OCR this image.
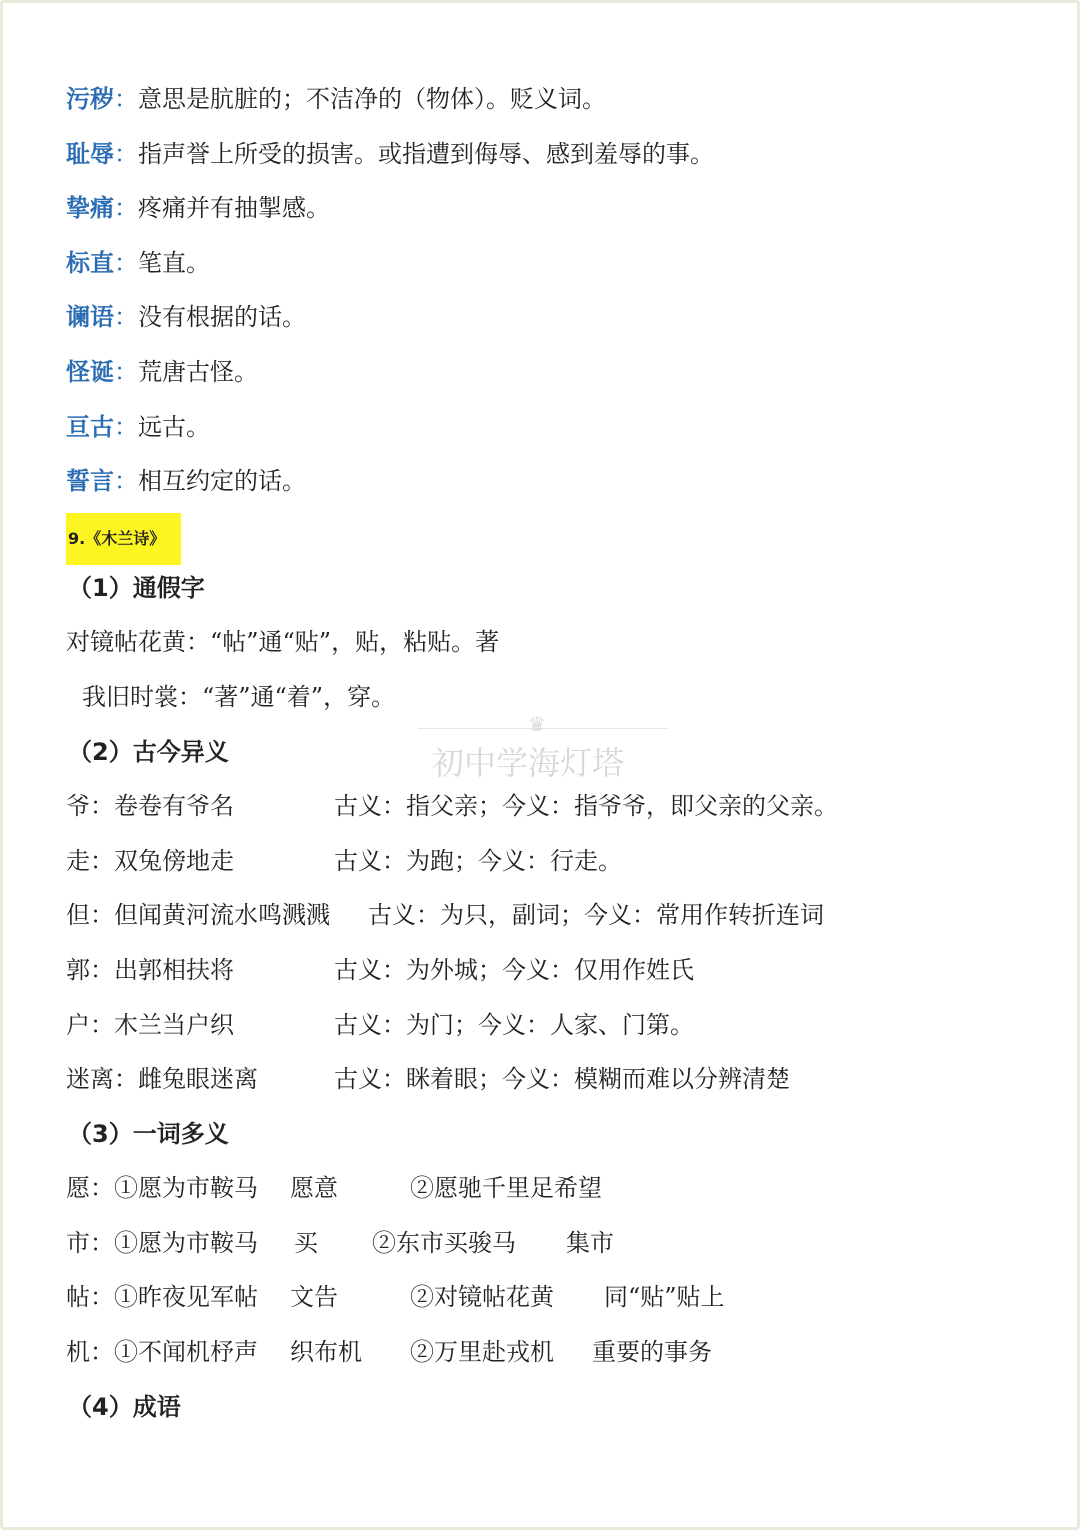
污秽：意思是肮脏的；不洁净的（物体）。贬义词。
耻辱：指声誉上所受的损害。或指遭到侮辱、感到羞辱的事。
挚痛：疼痛并有抽掣感。
标直：笔直。
谰语：没有根据的话。
怪诞：荒唐古怪。
亘古：远古。
誓言：相互约定的话。
9.《木兰诗》
（1）通假字
对镜帖花黄：“帖”通“贴”，贴，粘贴。著
我旧时裳：“著”通“着”，穿。
（2）古今异义
爷：卷卷有爷名	古义：指父亲；今义：指爷爷，即父亲的父亲。
走：双兔傍地走	古义：为跑；今义：行走。
但：但闻黄河流水鸣溅溅 古义：为只，副词；今义：常用作转折连词
郭：出郭相扶将	古义：为外城；今义：仅用作姓氏
户：木兰当户织	古义：为门；今义：人家、门第。
迷离：雌兔眼迷离	古义：眯着眼；今义：模糊而难以分辨清楚
（3）一词多义
愿：①愿为市鞍马 愿意	②愿驰千里足希望
市：①愿为市鞍马 买 ②东市买骏马 集市
帖：①昨夜见军帖 文告	②对镜帖花黄 同“贴”贴上
机：①不闻机杼声 织布机 ②万里赴戎机 重要的事务
（4）成语
♛
初中学海灯塔
